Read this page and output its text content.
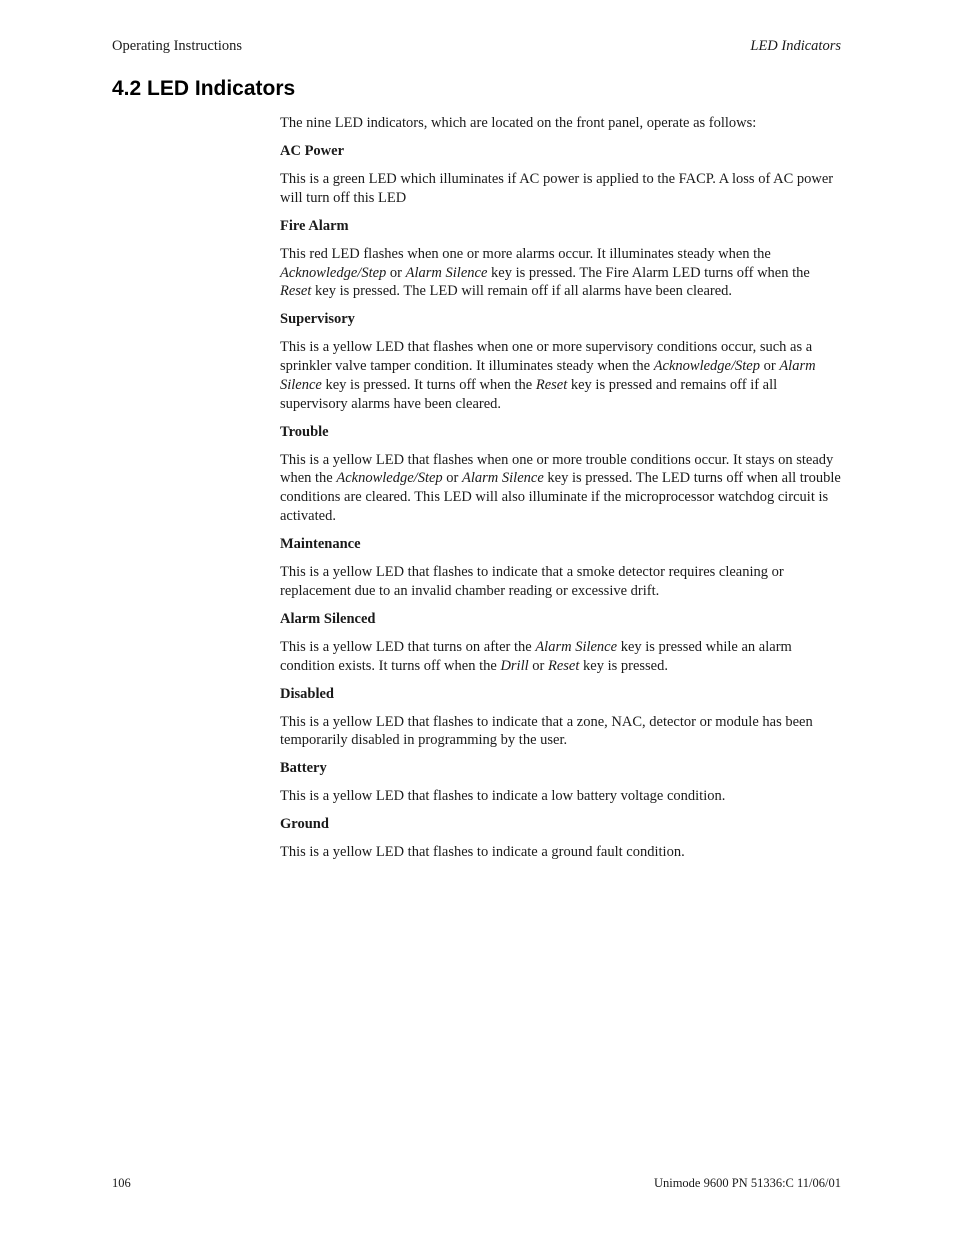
Operating Instructions	LED Indicators
4.2 LED Indicators

The nine LED indicators, which are located on the front panel, operate as follows:

AC Power

This is a green LED which illuminates if AC power is applied to the FACP. A loss of AC power will turn off this LED

Fire Alarm

This red LED flashes when one or more alarms occur. It illuminates steady when the Acknowledge/Step or Alarm Silence key is pressed. The Fire Alarm LED turns off when the Reset key is pressed. The LED will remain off if all alarms have been cleared.

Supervisory

This is a yellow LED that flashes when one or more supervisory conditions occur, such as a sprinkler valve tamper condition. It illuminates steady when the Acknowledge/Step or Alarm Silence key is pressed. It turns off when the Reset key is pressed and remains off if all supervisory alarms have been cleared.

Trouble

This is a yellow LED that flashes when one or more trouble conditions occur. It stays on steady when the Acknowledge/Step or Alarm Silence key is pressed. The LED turns off when all trouble conditions are cleared. This LED will also illuminate if the microprocessor watchdog circuit is activated.

Maintenance

This is a yellow LED that flashes to indicate that a smoke detector requires cleaning or replacement due to an invalid chamber reading or excessive drift.

Alarm Silenced

This is a yellow LED that turns on after the Alarm Silence key is pressed while an alarm condition exists. It turns off when the Drill or Reset key is pressed.

Disabled

This is a yellow LED that flashes to indicate that a zone, NAC, detector or module has been temporarily disabled in programming by the user.

Battery

This is a yellow LED that flashes to indicate a low battery voltage condition.

Ground

This is a yellow LED that flashes to indicate a ground fault condition.

106	Unimode 9600 PN 51336:C 11/06/01
